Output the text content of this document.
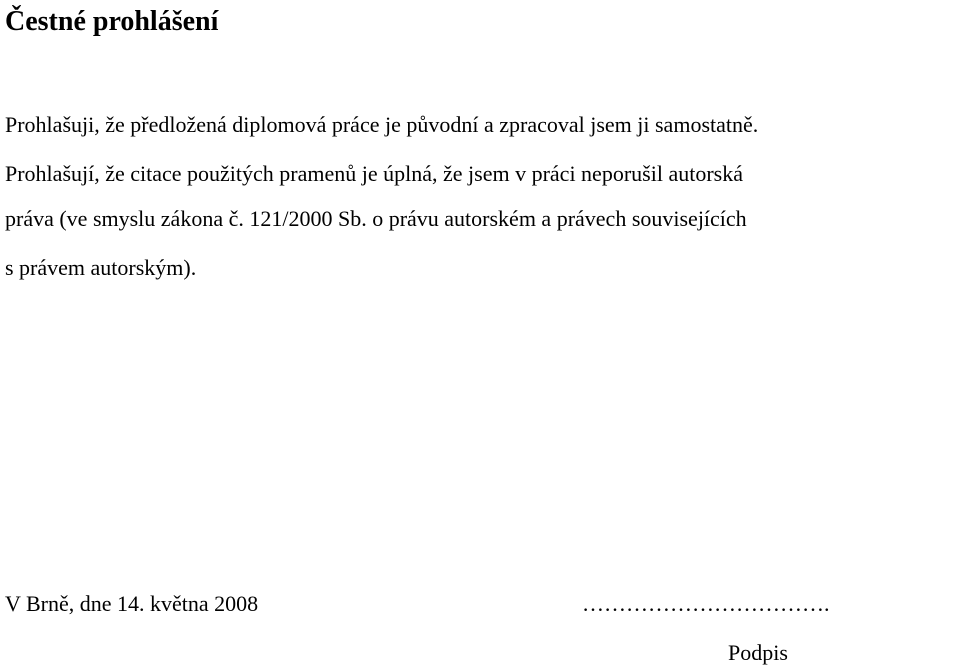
Čestné prohlášení

Prohlašuji, že předložená diplomová práce je původní a zpracoval jsem ji samostatně.

Prohlašují, že citace použitých pramenů je úplná, že jsem v práci neporušil autorská

práva (ve smyslu zákona č. 121/2000 Sb. o právu autorském a právech souvisejících

s právem autorským).

V Brně, dne 14. května 2008	…………………………….

Podpis
